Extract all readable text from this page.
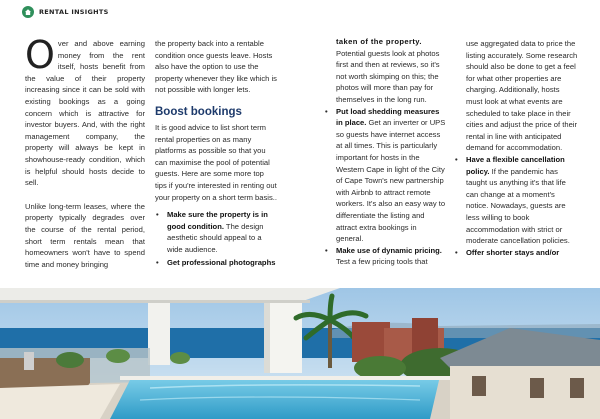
RENTAL INSIGHTS

Over and above earning money from the rent itself, hosts benefit from the value of their property increasing since it can be sold with existing bookings as a going concern which is attractive for investor buyers. And, with the right management company, the property will always be kept in showhouse-ready condition, which is helpful should hosts decide to sell.

Unlike long-term leases, where the property typically degrades over the course of the rental period, short term rentals mean that homeowners won't have to spend time and money bringing

the property back into a rentable condition once guests leave. Hosts also have the option to use the property whenever they like which is not possible with longer lets.

Boost bookings

It is good advice to list short term rental properties on as many platforms as possible so that you can maximise the pool of potential guests. Here are some more top tips if you're interested in renting out your property on a short term basis..

• Make sure the property is in good condition. The design aesthetic should appeal to a wide audience.
• Get professional photographs

taken of the property. Potential guests look at photos first and then at reviews, so it's not worth skimping on this; the photos will more than pay for themselves in the long run.

• Put load shedding measures in place. Get an inverter or UPS so guests have internet access at all times. This is particularly important for hosts in the Western Cape in light of the City of Cape Town's new partnership with Airbnb to attract remote workers. It's also an easy way to differentiate the listing and attract extra bookings in general.
• Make use of dynamic pricing. Test a few pricing tools that

use aggregated data to price the listing accurately. Some research should also be done to get a feel for what other properties are charging. Additionally, hosts must look at what events are scheduled to take place in their cities and adjust the price of their rental in line with anticipated demand for accommodation.

• Have a flexible cancellation policy. If the pandemic has taught us anything it's that life can change at a moment's notice. Nowadays, guests are less willing to book accommodation with strict or moderate cancellation policies.
• Offer shorter stays and/or
